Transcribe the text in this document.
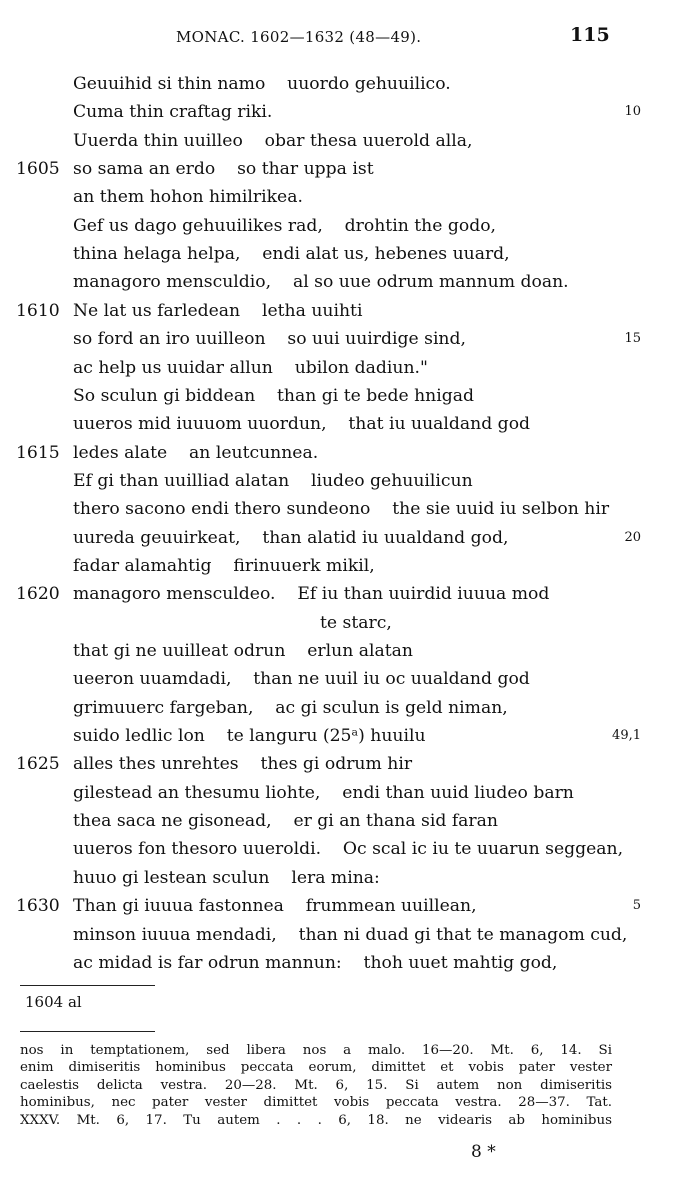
MONAC. 1602—1632 (48—49).	115
Geuuihid si thin namo    uuordo gehuuilico.
Cuma thin craftag riki.	10
Uuerda thin uuilleo    obar thesa uuerold alla,
1605 so sama an erdo    so thar uppa ist
an them hohon himilrikea.
Gef us dago gehuuilikes rad,    drohtin the godo,
thina helaga helpa,    endi alat us, hebenes uuard,
managoro mensculdio,    al so uue odrum mannum doan.
1610 Ne lat us farledean    letha uuihti
so ford an iro uuilleon    so uui uuirdige sind,	15
ac help us uuidar allun    ubilon dadiun."
So sculun gi biddean    than gi te bede hnigad
uueros mid iuuuom uuordun,    that iu uualdand god
1615 ledes alate    an leutcunnea.
Ef gi than uuilliad alatan    liudeo gehuuilicun
thero sacono endi thero sundeono    the sie uuid iu selbon hir
uureda geuuirkeat,    than alatid iu uualdand god,	20
fadar alamahtig    firinuuerk mikil,
1620 managoro mensculdeo.    Ef iu than uuirdid iuuua mod
te starc,
that gi ne uuilleat odrun    erlun alatan
ueeron uuamdadi,    than ne uuil iu oc uualdand god
grimuuerc fargeban,    ac gi sculun is geld niman,
suido ledlic lon    te languru (25ᵃ) huuilu	49,1
1625 alles thes unrehtes    thes gi odrum hir
gilestead an thesumu liohte,    endi than uuid liudeo barn
thea saca ne gisonead,    er gi an thana sid faran
uueros fon thesoro uueroldi.    Oc scal ic iu te uuarun seggean,
huuo gi lestean sculun    lera mina:
1630 Than gi iuuua fastonnea    frummean uuillean,	5
minson iuuua mendadi,    than ni duad gi that te managom cud,
ac midad is far odrun mannun:    thoh uuet mahtig god,
1604 al
nos in temptationem, sed libera nos a malo. 16—20. Mt. 6, 14. Si
enim dimiseritis hominibus peccata eorum, dimittet et vobis pater vester
caelestis delicta vestra. 20—28. Mt. 6, 15. Si autem non dimiseritis
hominibus, nec pater vester dimittet vobis peccata vestra. 28—37. Tat.
XXXV. Mt. 6, 17. Tu autem . . . 6, 18. ne videaris ab hominibus
8 *
